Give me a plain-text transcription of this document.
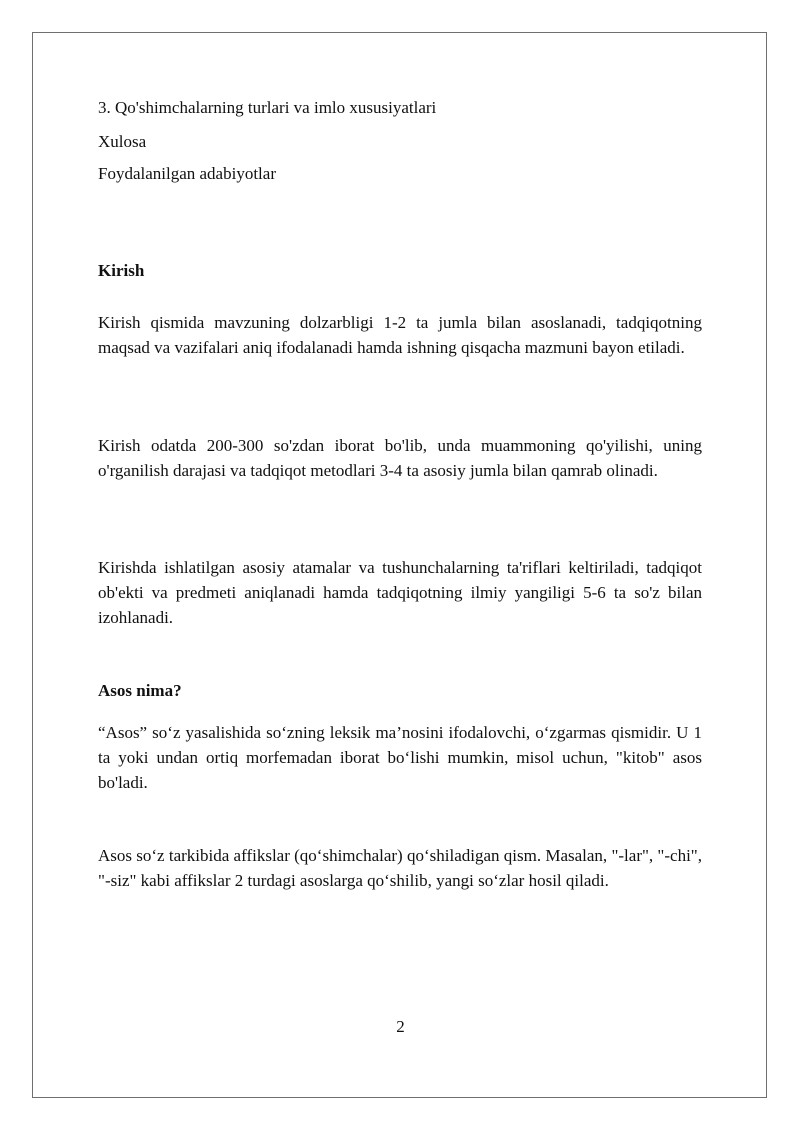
3. Qo'shimchalarning turlari va imlo xususiyatlari
Xulosa
Foydalanilgan adabiyotlar
Kirish
Kirish qismida mavzuning dolzarbligi 1-2 ta jumla bilan asoslanadi, tadqiqotning maqsad va vazifalari aniq ifodalanadi hamda ishning qisqacha mazmuni bayon etiladi.
Kirish odatda 200-300 so'zdan iborat bo'lib, unda muammoning qo'yilishi, uning o'rganilish darajasi va tadqiqot metodlari 3-4 ta asosiy jumla bilan qamrab olinadi.
Kirishda ishlatilgan asosiy atamalar va tushunchalarning ta'riflari keltiriladi, tadqiqot ob'ekti va predmeti aniqlanadi hamda tadqiqotning ilmiy yangiligi 5-6 ta so'z bilan izohlanadi.
Asos nima?
“Asos” so‘z yasalishida so‘zning leksik ma’nosini ifodalovchi, o‘zgarmas qismidir. U 1 ta yoki undan ortiq morfemadan iborat bo‘lishi mumkin, misol uchun, "kitob" asos bo'ladi.
Asos so‘z tarkibida affikslar (qo‘shimchalar) qo‘shiladigan qism. Masalan, "-lar", "-chi", "-siz" kabi affikslar 2 turdagi asoslarga qo‘shilib, yangi so‘zlar hosil qiladi.
2
